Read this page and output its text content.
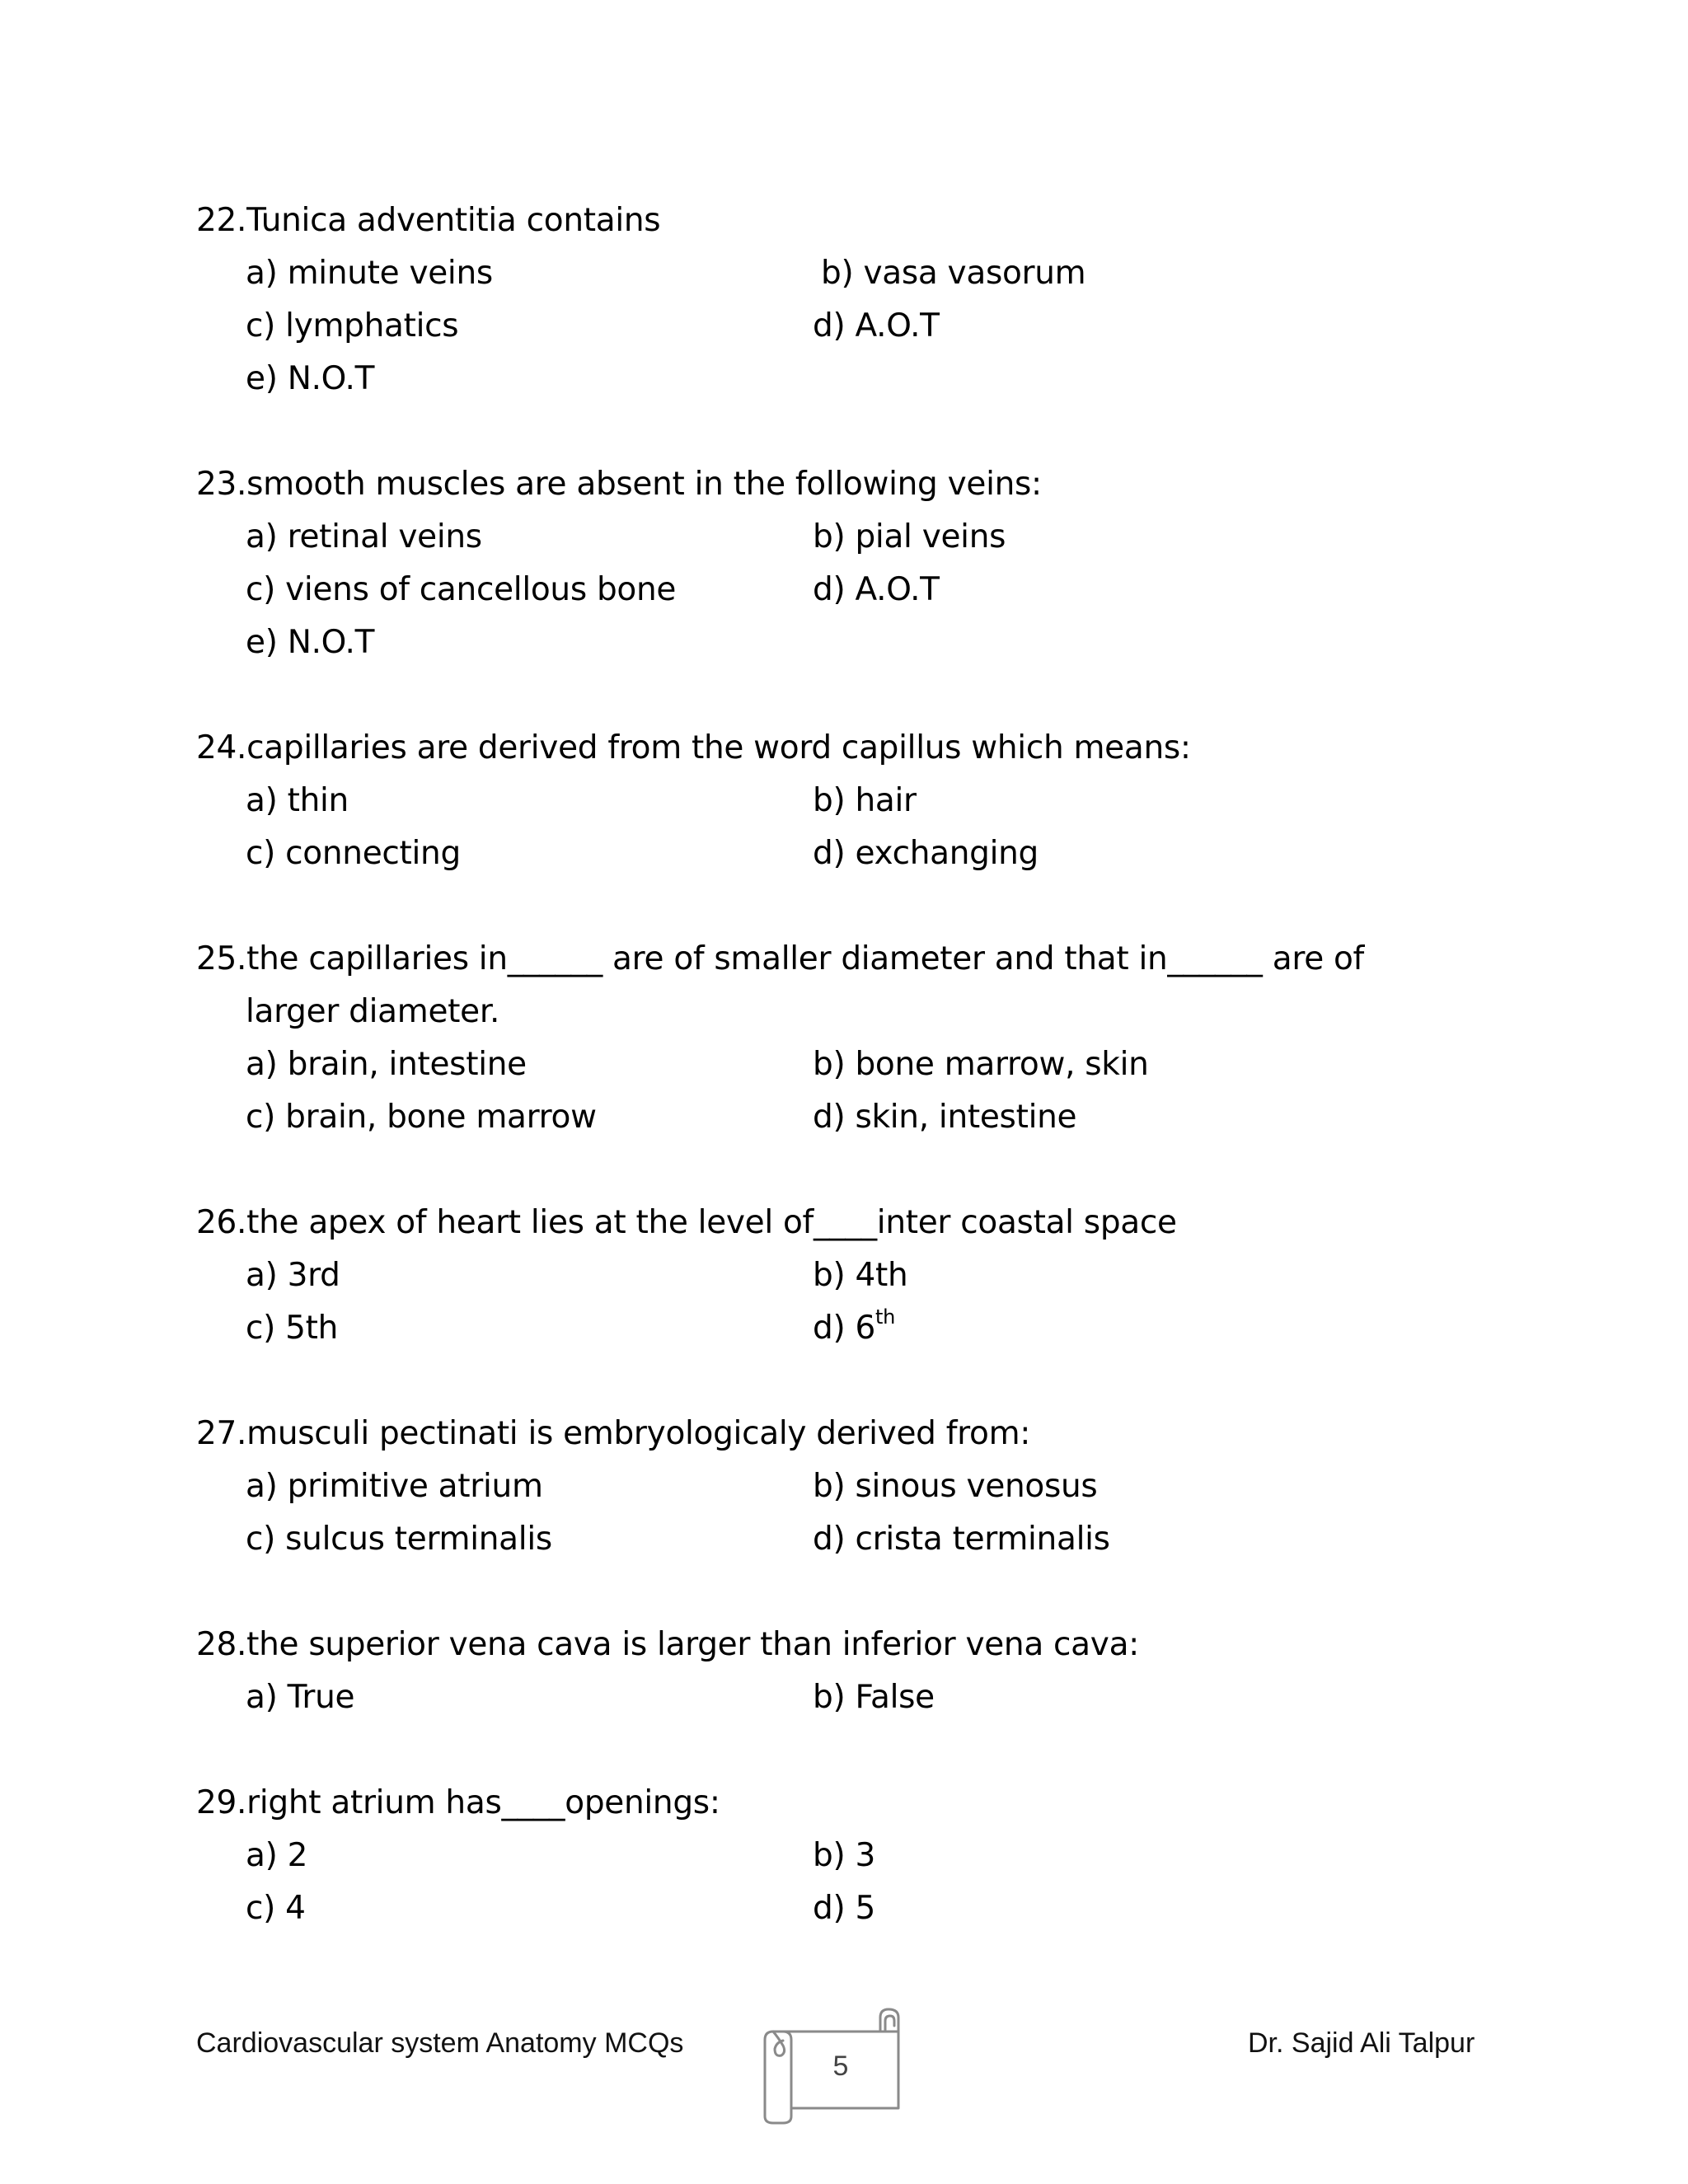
22.Tunica adventitia contains
a) minute veins	b) vasa vasorum
c) lymphatics	d) A.O.T
e) N.O.T
23.smooth muscles are absent in the following veins:
a) retinal veins	b) pial veins
c) viens of cancellous bone	d) A.O.T
e) N.O.T
24.capillaries are derived from the word capillus which means:
a) thin	b) hair
c) connecting	d) exchanging
25.the capillaries in______ are of smaller diameter and that in______ are of
larger diameter.
a) brain, intestine	b) bone marrow, skin
c) brain, bone marrow	d) skin, intestine
26.the apex of heart lies at the level of____inter coastal space
a) 3rd	b) 4th
c) 5th	d) 6th
27.musculi pectinati is embryologicaly derived from:
a) primitive atrium	b) sinous venosus
c) sulcus terminalis	d) crista terminalis
28.the superior vena cava is larger than inferior vena cava:
a) True	b) False
29.right atrium has____openings:
a) 2	b) 3
c) 4	d) 5
Cardiovascular system Anatomy MCQs
5
Dr. Sajid Ali Talpur
